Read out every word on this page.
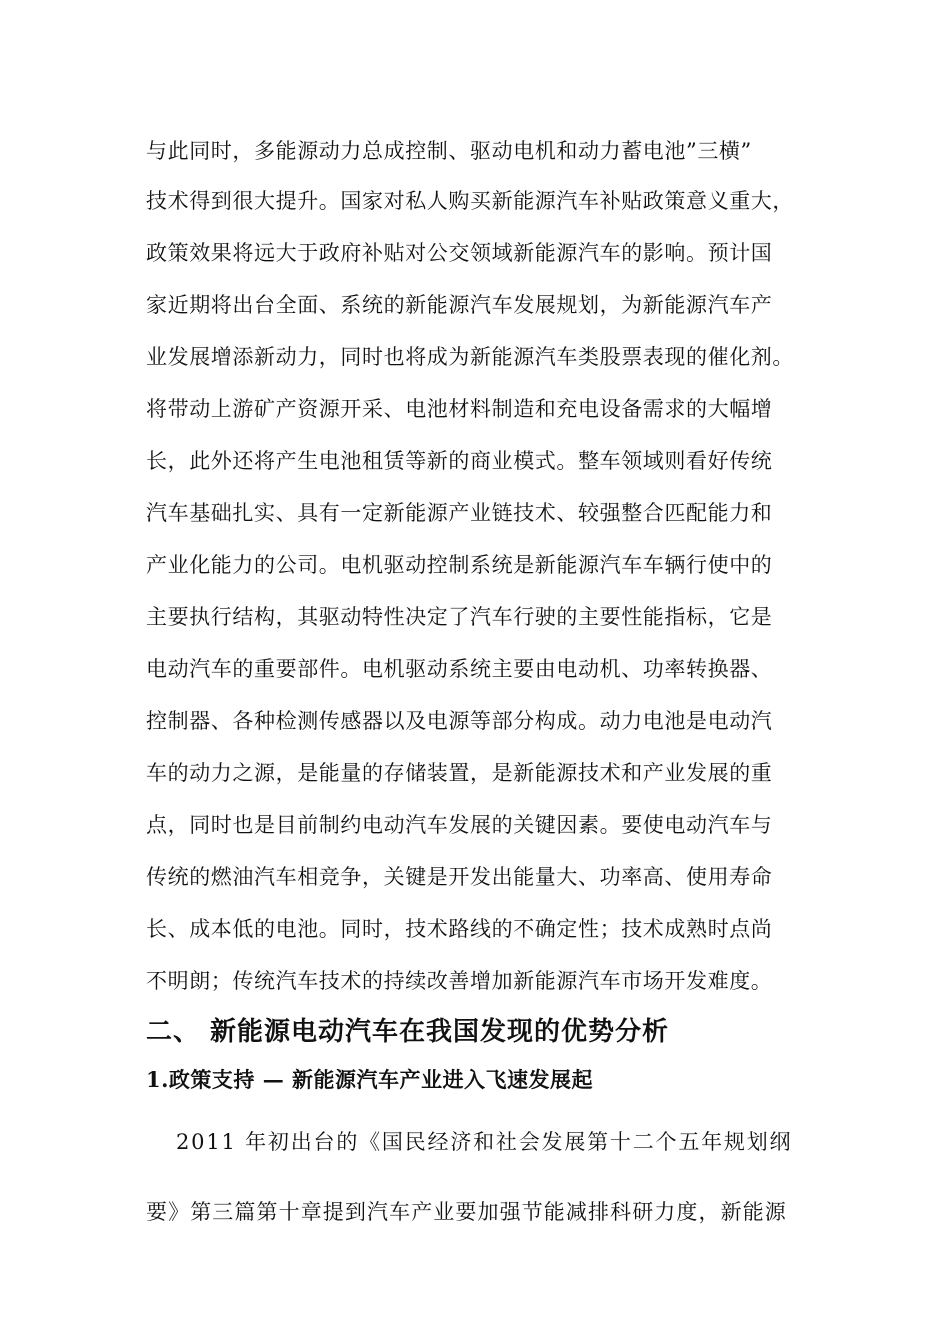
与此同时，多能源动力总成控制、驱动电机和动力蓄电池”三横”
技术得到很大提升。国家对私人购买新能源汽车补贴政策意义重大，
政策效果将远大于政府补贴对公交领域新能源汽车的影响。预计国
家近期将出台全面、系统的新能源汽车发展规划，为新能源汽车产
业发展增添新动力，同时也将成为新能源汽车类股票表现的催化剂。
将带动上游矿产资源开采、电池材料制造和充电设备需求的大幅增
长，此外还将产生电池租赁等新的商业模式。整车领域则看好传统
汽车基础扎实、具有一定新能源产业链技术、较强整合匹配能力和
产业化能力的公司。电机驱动控制系统是新能源汽车车辆行使中的
主要执行结构，其驱动特性决定了汽车行驶的主要性能指标，它是
电动汽车的重要部件。电机驱动系统主要由电动机、功率转换器、
控制器、各种检测传感器以及电源等部分构成。动力电池是电动汽
车的动力之源，是能量的存储装置，是新能源技术和产业发展的重
点，同时也是目前制约电动汽车发展的关键因素。要使电动汽车与
传统的燃油汽车相竞争，关键是开发出能量大、功率高、使用寿命
长、成本低的电池。同时，技术路线的不确定性；技术成熟时点尚
不明朗；传统汽车技术的持续改善增加新能源汽车市场开发难度。
二、 新能源电动汽车在我国发现的优势分析
1.政策支持 — 新能源汽车产业进入飞速发展起
2011 年初出台的《国民经济和社会发展第十二个五年规划纲
要》第三篇第十章提到汽车产业要加强节能减排科研力度，新能源
